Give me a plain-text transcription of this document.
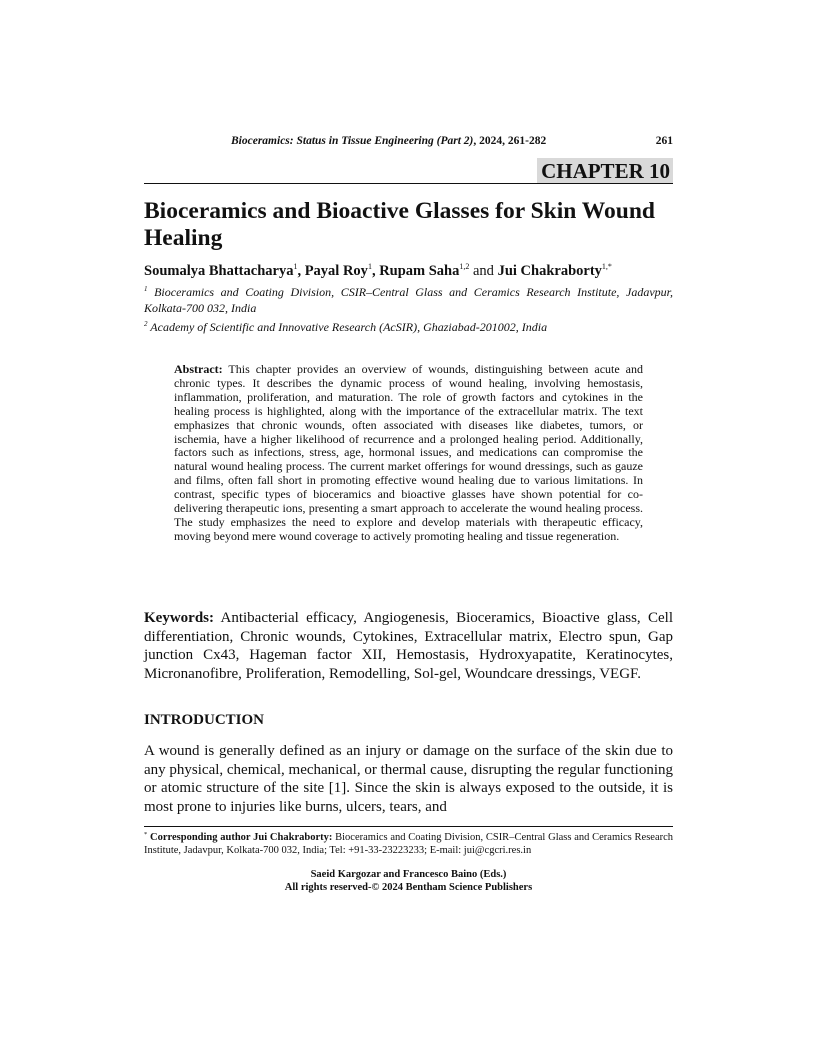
Bioceramics: Status in Tissue Engineering (Part 2), 2024, 261-282	261
CHAPTER 10
Bioceramics and Bioactive Glasses for Skin Wound Healing
Soumalya Bhattacharya$^1$, Payal Roy$^1$, Rupam Saha$^{1,2}$ and Jui Chakraborty$^{1,*}$
$^1$ Bioceramics and Coating Division, CSIR–Central Glass and Ceramics Research Institute, Jadavpur, Kolkata-700 032, India
$^2$ Academy of Scientific and Innovative Research (AcSIR), Ghaziabad-201002, India
Abstract: This chapter provides an overview of wounds, distinguishing between acute and chronic types. It describes the dynamic process of wound healing, involving hemostasis, inflammation, proliferation, and maturation. The role of growth factors and cytokines in the healing process is highlighted, along with the importance of the extracellular matrix. The text emphasizes that chronic wounds, often associated with diseases like diabetes, tumors, or ischemia, have a higher likelihood of recurrence and a prolonged healing period. Additionally, factors such as infections, stress, age, hormonal issues, and medications can compromise the natural wound healing process. The current market offerings for wound dressings, such as gauze and films, often fall short in promoting effective wound healing due to various limitations. In contrast, specific types of bioceramics and bioactive glasses have shown potential for co-delivering therapeutic ions, presenting a smart approach to accelerate the wound healing process. The study emphasizes the need to explore and develop materials with therapeutic efficacy, moving beyond mere wound coverage to actively promoting healing and tissue regeneration.
Keywords: Antibacterial efficacy, Angiogenesis, Bioceramics, Bioactive glass, Cell differentiation, Chronic wounds, Cytokines, Extracellular matrix, Electro spun, Gap junction Cx43, Hageman factor XII, Hemostasis, Hydroxyapatite, Keratinocytes, Micronanofibre, Proliferation, Remodelling, Sol-gel, Woundcare dressings, VEGF.
INTRODUCTION

A wound is generally defined as an injury or damage on the surface of the skin due to any physical, chemical, mechanical, or thermal cause, disrupting the regular functioning or atomic structure of the site [1]. Since the skin is always exposed to the outside, it is most prone to injuries like burns, ulcers, tears, and

* Corresponding author Jui Chakraborty: Bioceramics and Coating Division, CSIR–Central Glass and Ceramics Research Institute, Jadavpur, Kolkata-700 032, India; Tel: +91-33-23223233; E-mail: jui@cgcri.res.in
Saeid Kargozar and Francesco Baino (Eds.)
All rights reserved-© 2024 Bentham Science Publishers
